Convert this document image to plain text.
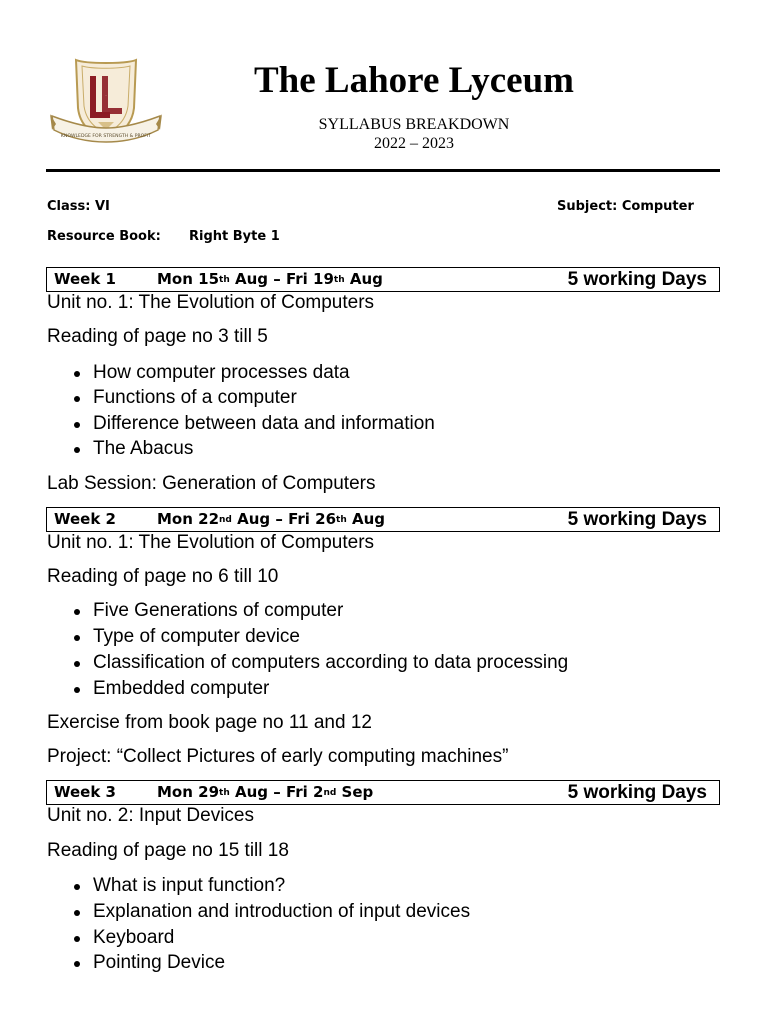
KNOWLEDGE FOR STRENGTH & PROFIT
LL	The Lahore Lyceum
SYLLABUS BREAKDOWN
2022 – 2023
Class: VI	Subject: Computer
Resource Book: Right Byte 1
Week 1	Mon 15th Aug – Fri 19th Aug	5 working Days
Unit no. 1: The Evolution of Computers
Reading of page no 3 till 5
How computer processes data
Functions of a computer
Difference between data and information
The Abacus
Lab Session: Generation of Computers
Week 2	Mon 22nd Aug – Fri 26th Aug	5 working Days
Unit no. 1: The Evolution of Computers
Reading of page no 6 till 10
Five Generations of computer
Type of computer device
Classification of computers according to data processing
Embedded computer
Exercise from book page no 11 and 12
Project: “Collect Pictures of early computing machines”
Week 3	Mon 29th Aug – Fri 2nd Sep	5 working Days
Unit no. 2: Input Devices
Reading of page no 15 till 18
What is input function?
Explanation and introduction of input devices
Keyboard
Pointing Device
